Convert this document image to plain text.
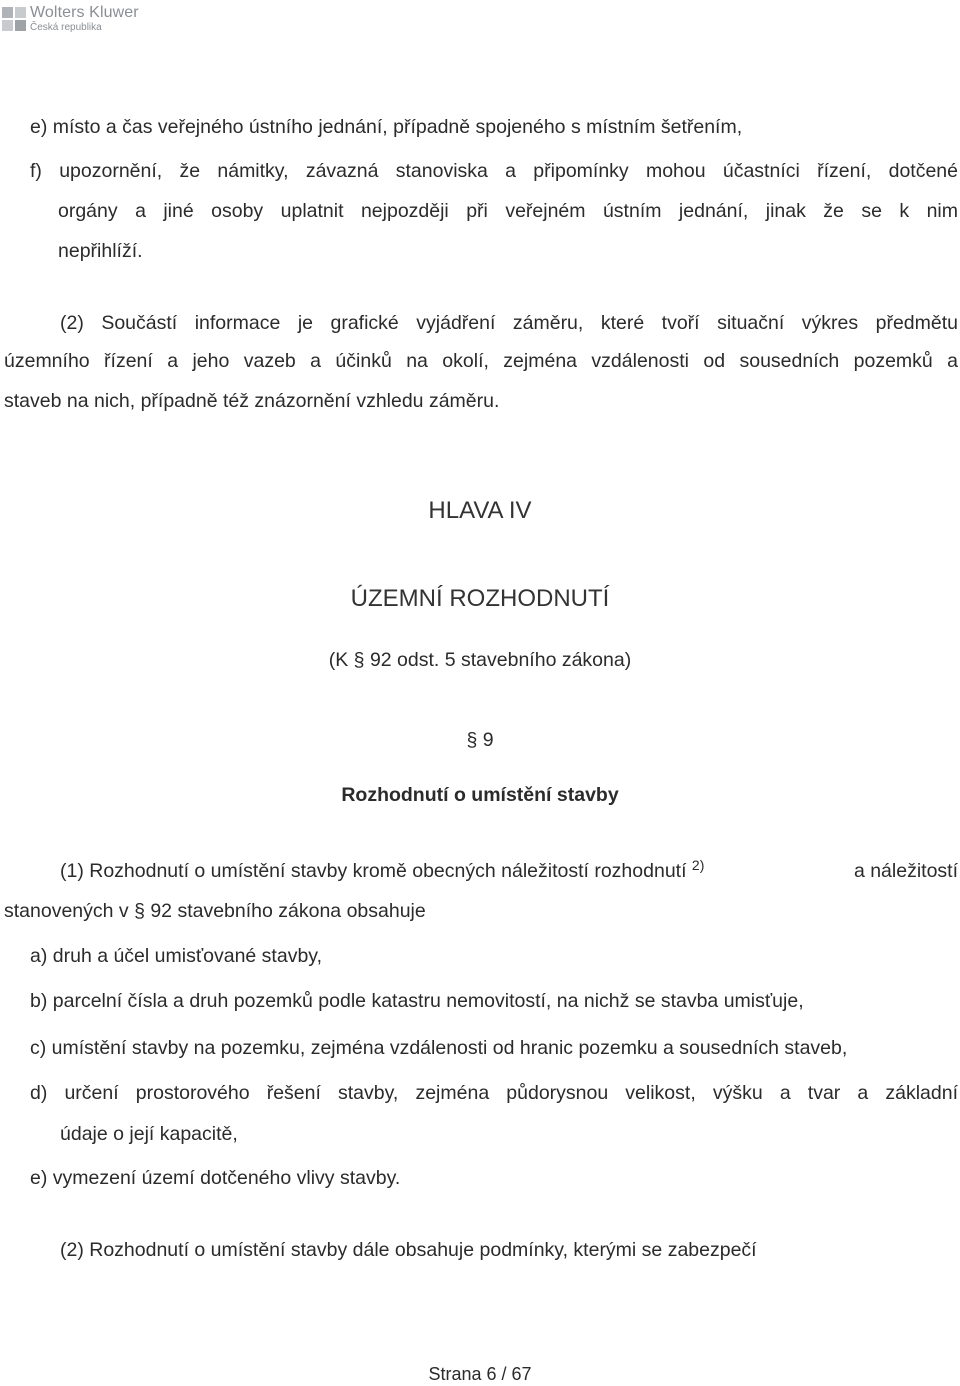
Wolters Kluwer
Česká republika

e) místo a čas veřejného ústního jednání, případně spojeného s místním šetřením,

f) upozornění, že námitky, závazná stanoviska a připomínky mohou účastníci řízení, dotčené

orgány a jiné osoby uplatnit nejpozději při veřejném ústním jednání, jinak že se k nim

nepřihlíží.

(2) Součástí informace je grafické vyjádření záměru, které tvoří situační výkres předmětu

územního řízení a jeho vazeb a účinků na okolí, zejména vzdálenosti od sousedních pozemků a

staveb na nich, případně též znázornění vzhledu záměru.

HLAVA IV

ÚZEMNÍ ROZHODNUTÍ

(K § 92 odst. 5 stavebního zákona)

§ 9

Rozhodnutí o umístění stavby

(1) Rozhodnutí o umístění stavby kromě obecných náležitostí rozhodnutí $^{2)}$	a náležitostí

stanovených v § 92 stavebního zákona obsahuje

a) druh a účel umisťované stavby,

b) parcelní čísla a druh pozemků podle katastru nemovitostí, na nichž se stavba umisťuje,

c) umístění stavby na pozemku, zejména vzdálenosti od hranic pozemku a sousedních staveb,

d) určení prostorového řešení stavby, zejména půdorysnou velikost, výšku a tvar a základní

údaje o její kapacitě,

e) vymezení území dotčeného vlivy stavby.

(2) Rozhodnutí o umístění stavby dále obsahuje podmínky, kterými se zabezpečí

Strana 6 / 67
